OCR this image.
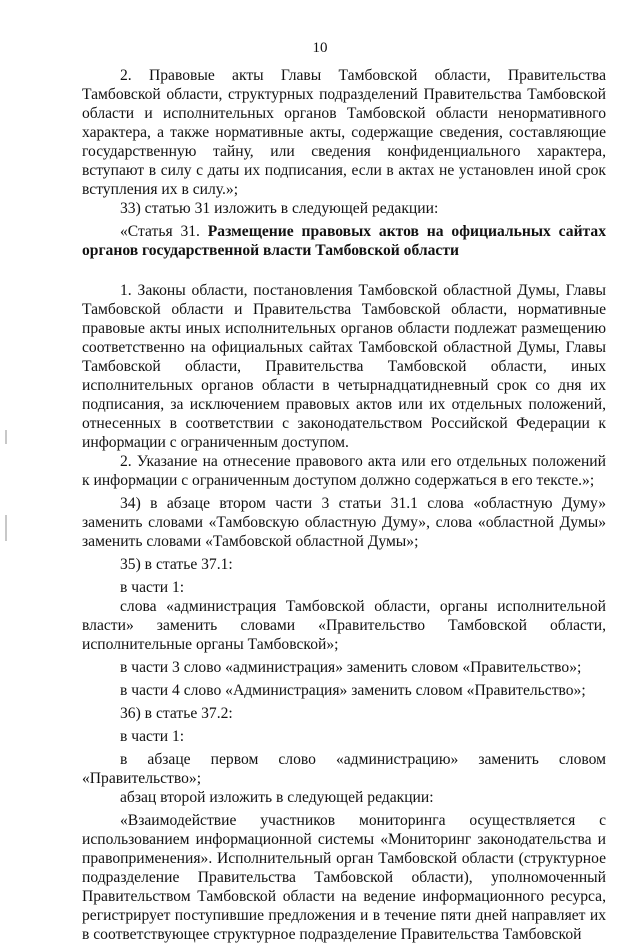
10

2. Правовые акты Главы Тамбовской области, Правительства Тамбовской области, структурных подразделений Правительства Тамбовской области и исполнительных органов Тамбовской области ненормативного характера, а также нормативные акты, содержащие сведения, составляющие государственную тайну, или сведения конфиденциального характера, вступают в силу с даты их подписания, если в актах не установлен иной срок вступления их в силу.»;

33) статью 31 изложить в следующей редакции:

«Статья 31. Размещение правовых актов на официальных сайтах органов государственной власти Тамбовской области

1. Законы области, постановления Тамбовской областной Думы, Главы Тамбовской области и Правительства Тамбовской области, нормативные правовые акты иных исполнительных органов области подлежат размещению соответственно на официальных сайтах Тамбовской областной Думы, Главы Тамбовской области, Правительства Тамбовской области, иных исполнительных органов области в четырнадцатидневный срок со дня их подписания, за исключением правовых актов или их отдельных положений, отнесенных в соответствии с законодательством Российской Федерации к информации с ограниченным доступом.

2. Указание на отнесение правового акта или его отдельных положений к информации с ограниченным доступом должно содержаться в его тексте.»;

34) в абзаце втором части 3 статьи 31.1 слова «областную Думу» заменить словами «Тамбовскую областную Думу», слова «областной Думы» заменить словами «Тамбовской областной Думы»;

35) в статье 37.1:

в части 1:

слова «администрация Тамбовской области, органы исполнительной власти» заменить словами «Правительство Тамбовской области, исполнительные органы Тамбовской»;

в части 3 слово «администрация» заменить словом «Правительство»;

в части 4 слово «Администрация» заменить словом «Правительство»;

36) в статье 37.2:

в части 1:

в абзаце первом слово «администрацию» заменить словом «Правительство»;

абзац второй изложить в следующей редакции:

«Взаимодействие участников мониторинга осуществляется с использованием информационной системы «Мониторинг законодательства и правоприменения». Исполнительный орган Тамбовской области (структурное подразделение Правительства Тамбовской области), уполномоченный Правительством Тамбовской области на ведение информационного ресурса, регистрирует поступившие предложения и в течение пяти дней направляет их в соответствующее структурное подразделение Правительства Тамбовской
